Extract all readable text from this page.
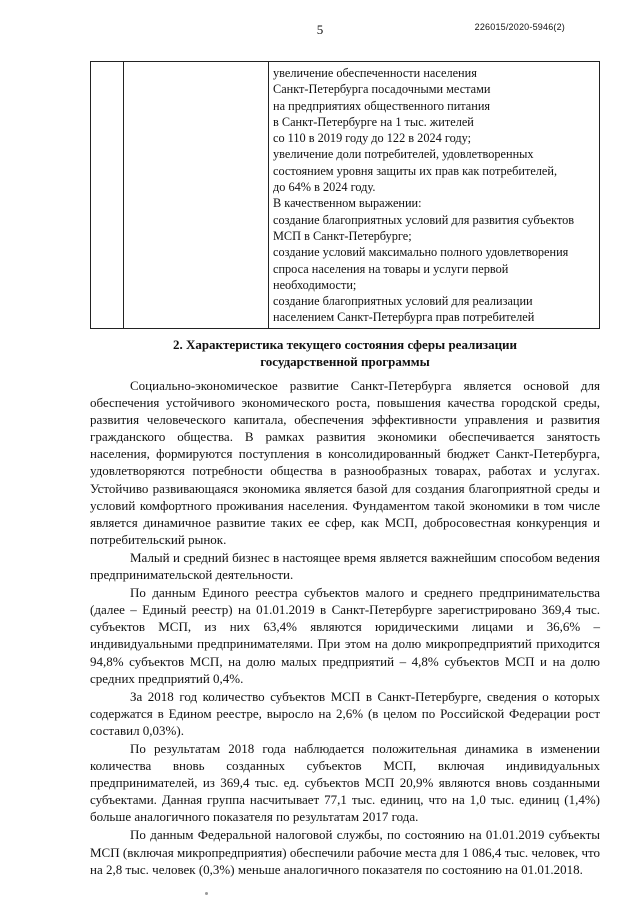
5	226015/2020-5946(2)

увеличение обеспеченности населения
Санкт-Петербурга посадочными местами
на предприятиях общественного питания
в Санкт-Петербурге на 1 тыс. жителей
со 110 в 2019 году до 122 в 2024 году;
увеличение доли потребителей, удовлетворенных
состоянием уровня защиты их прав как потребителей,
до 64% в 2024 году.
В качественном выражении:
создание благоприятных условий для развития субъектов
МСП в Санкт-Петербурге;
создание условий максимально полного удовлетворения
спроса населения на товары и услуги первой
необходимости;
создание благоприятных условий для реализации
населением Санкт-Петербурга прав потребителей
2. Характеристика текущего состояния сферы реализации
государственной программы

Социально-экономическое развитие Санкт-Петербурга является основой для обеспечения устойчивого экономического роста, повышения качества городской среды, развития человеческого капитала, обеспечения эффективности управления и развития гражданского общества. В рамках развития экономики обеспечивается занятость населения, формируются поступления в консолидированный бюджет Санкт-Петербурга, удовлетворяются потребности общества в разнообразных товарах, работах и услугах. Устойчиво развивающаяся экономика является базой для создания благоприятной среды и условий комфортного проживания населения. Фундаментом такой экономики в том числе является динамичное развитие таких ее сфер, как МСП, добросовестная конкуренция и потребительский рынок.

Малый и средний бизнес в настоящее время является важнейшим способом ведения предпринимательской деятельности.

По данным Единого реестра субъектов малого и среднего предпринимательства (далее – Единый реестр) на 01.01.2019 в Санкт-Петербурге зарегистрировано 369,4 тыс. субъектов МСП, из них 63,4% являются юридическими лицами и 36,6% – индивидуальными предпринимателями. При этом на долю микропредприятий приходится 94,8% субъектов МСП, на долю малых предприятий – 4,8% субъектов МСП и на долю средних предприятий 0,4%.

За 2018 год количество субъектов МСП в Санкт-Петербурге, сведения о которых содержатся в Едином реестре, выросло на 2,6% (в целом по Российской Федерации рост составил 0,03%).

По результатам 2018 года наблюдается положительная динамика в изменении количества вновь созданных субъектов МСП, включая индивидуальных предпринимателей, из 369,4 тыс. ед. субъектов МСП 20,9% являются вновь созданными субъектами. Данная группа насчитывает 77,1 тыс. единиц, что на 1,0 тыс. единиц (1,4%) больше аналогичного показателя по результатам 2017 года.

По данным Федеральной налоговой службы, по состоянию на 01.01.2019 субъекты МСП (включая микропредприятия) обеспечили рабочие места для 1 086,4 тыс. человек, что на 2,8 тыс. человек (0,3%) меньше аналогичного показателя по состоянию на 01.01.2018.
